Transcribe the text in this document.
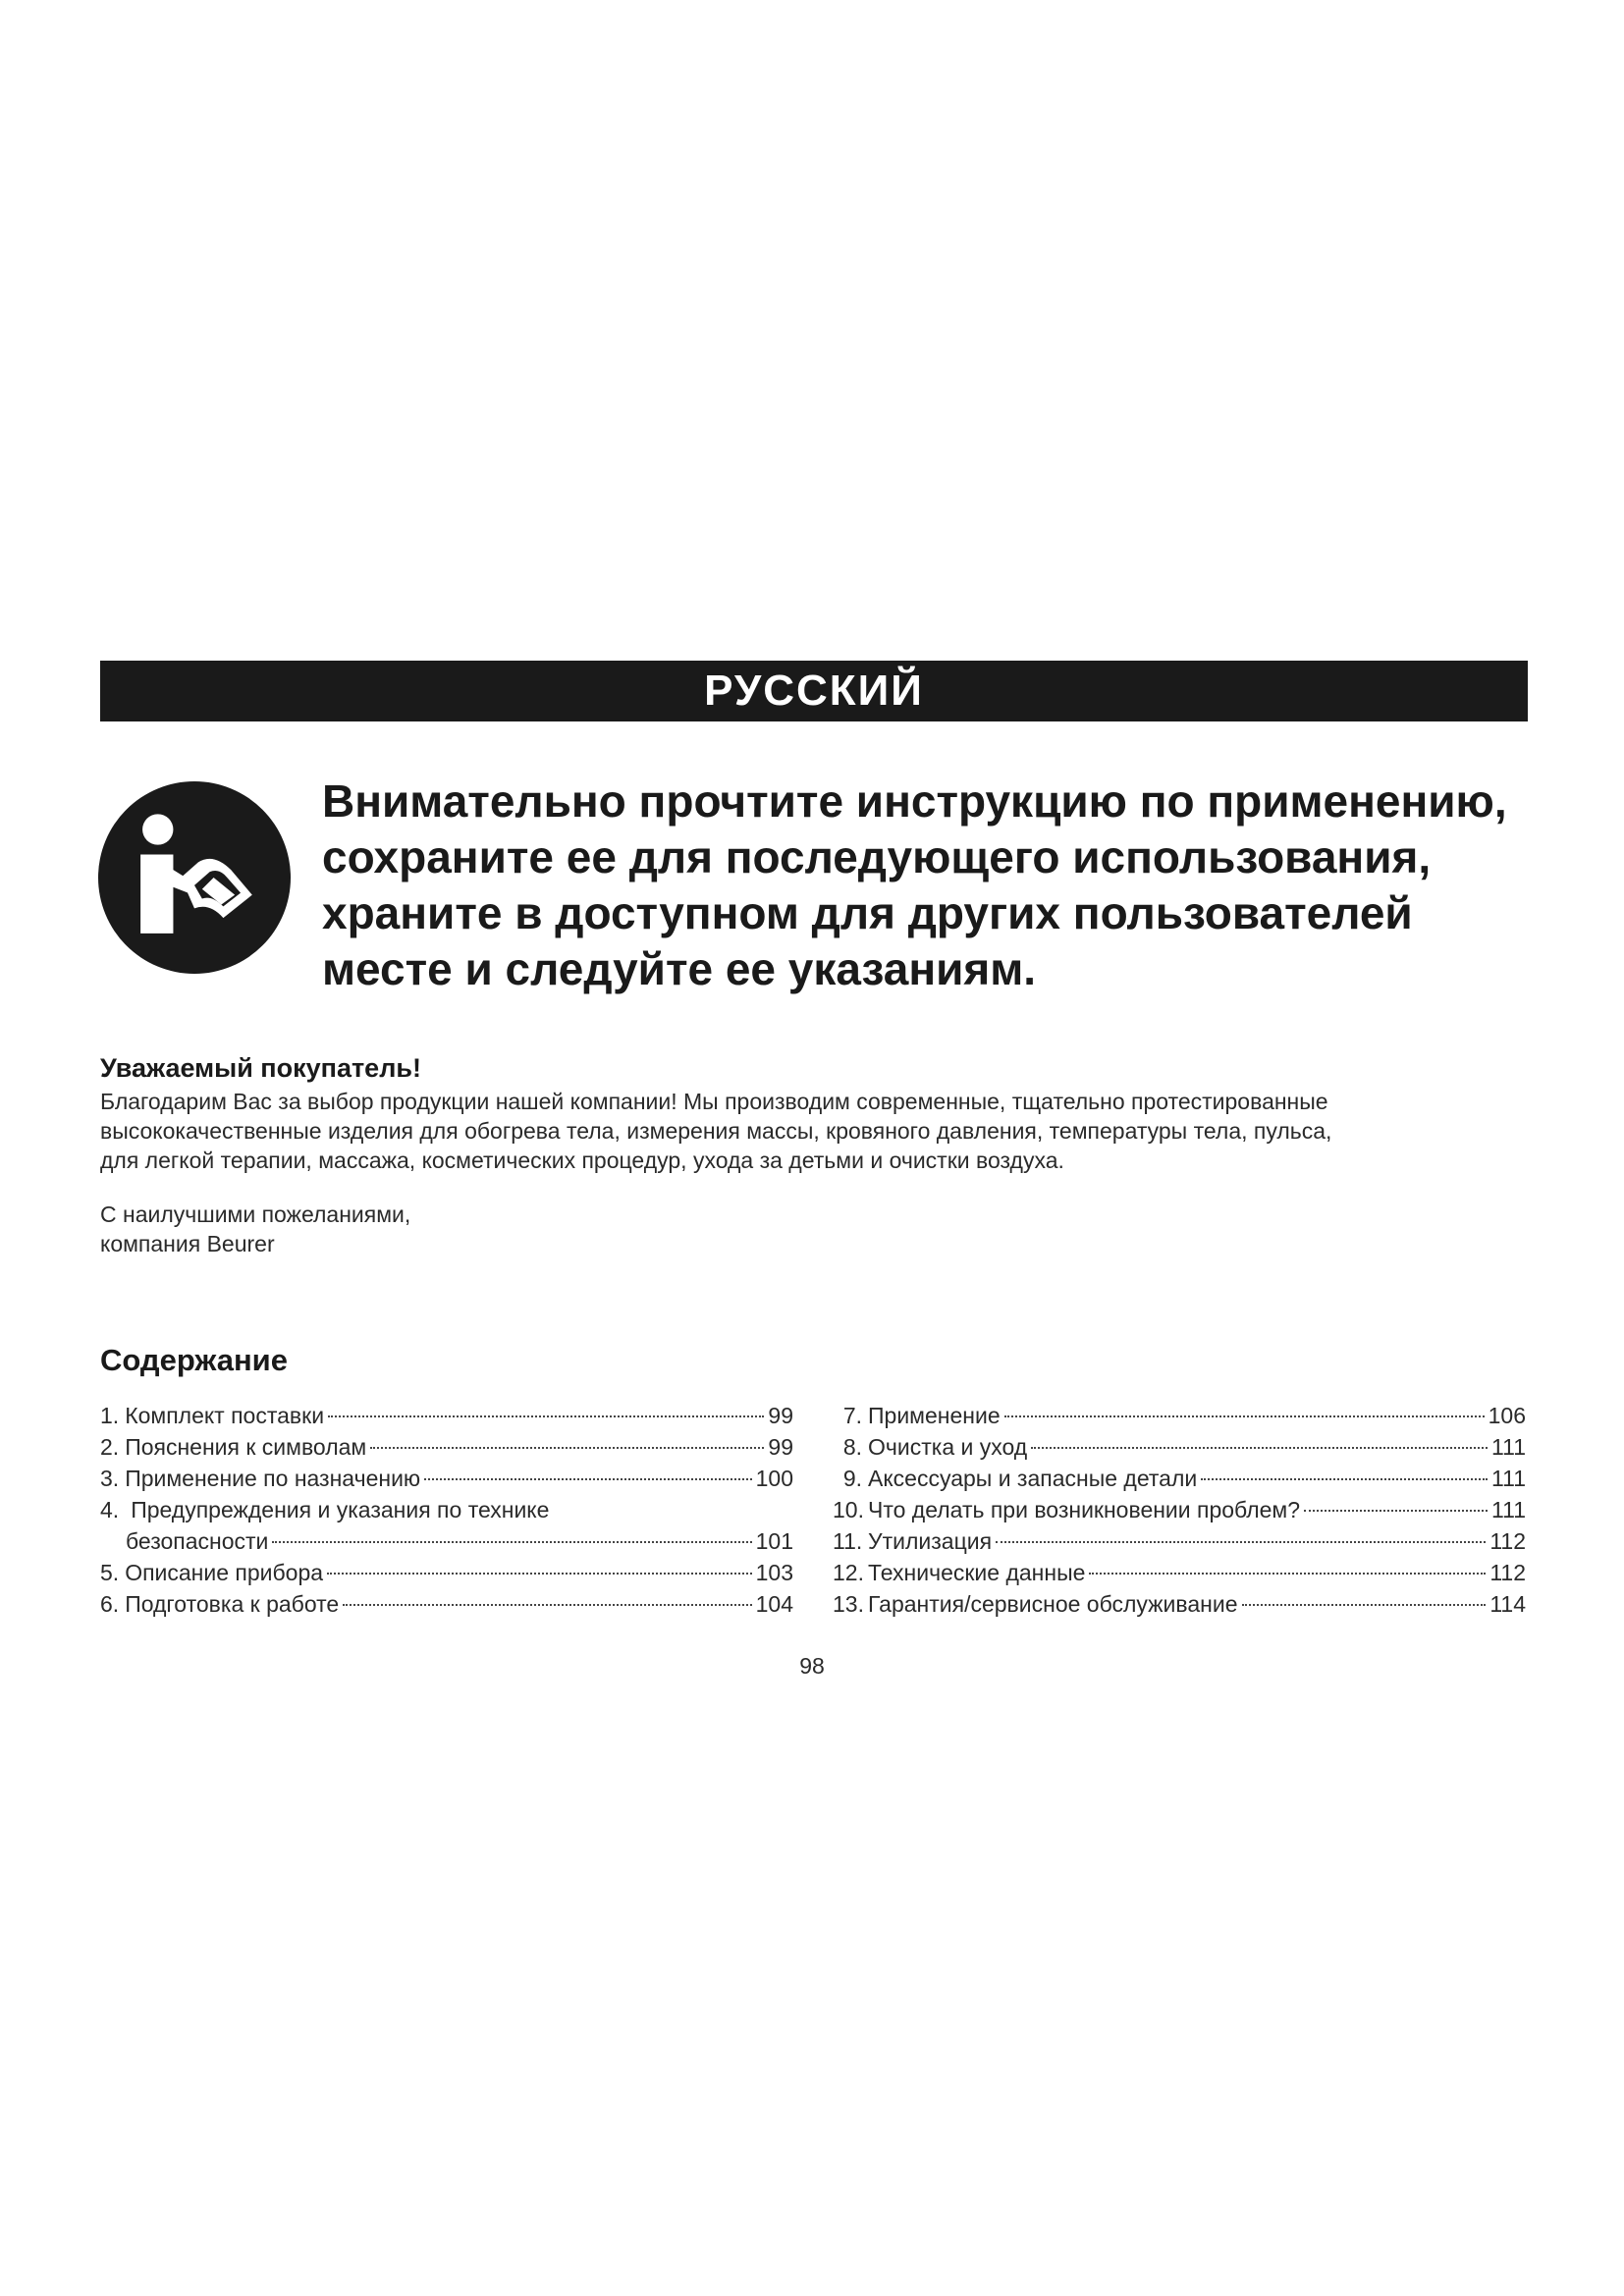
РУССКИЙ
Внимательно прочтите инструкцию по применению,
сохраните ее для последующего использования,
храните в доступном для других пользователей
месте и следуйте ее указаниям.
Уважаемый покупатель!
Благодарим Вас за выбор продукции нашей компании! Мы производим современные, тщательно протестированные
высококачественные изделия для обогрева тела, измерения массы, кровяного давления, температуры тела, пульса,
для легкой терапии, массажа, косметических процедур, ухода за детьми и очистки воздуха.
С наилучшими пожеланиями,
компания Beurer
Содержание
1. Комплект поставки	99
2. Пояснения к символам	99
3. Применение по назначению	100
4. Предупреждения и указания по технике
безопасности	101
5. Описание прибора	103
6. Подготовка к работе	104
7. Применение	106
8. Очистка и уход	111
9. Аксессуары и запасные детали	111
10. Что делать при возникновении проблем?	111
11. Утилизация	112
12. Технические данные	112
13. Гарантия/сервисное обслуживание	114
98
